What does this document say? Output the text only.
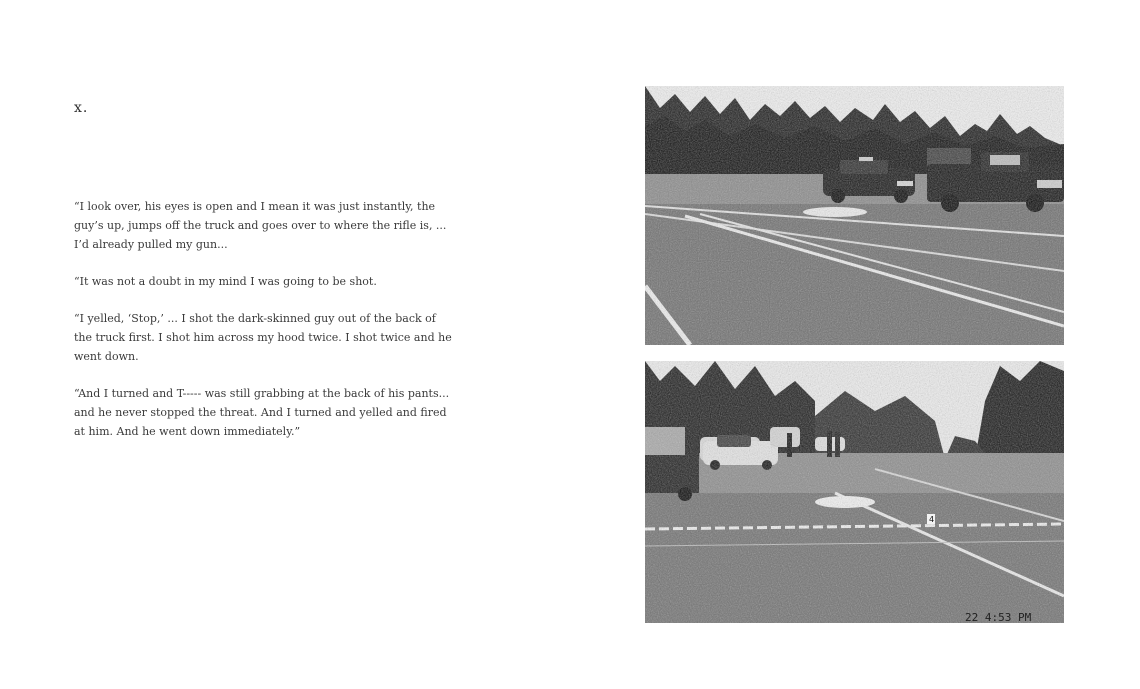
x.

“I look over, his eyes is open and I mean it was just instantly, the guy’s up, jumps off the truck and goes over to where the rifle is, ... I’d already pulled my gun...

“It was not a doubt in my mind I was going to be shot.

“I yelled, ‘Stop,’ ... I shot the dark-skinned guy out of the back of the truck first. I shot him across my hood twice. I shot twice and he went down.

“And I turned and T----- was still grabbing at the back of his pants... and he never stopped the threat. And I turned and yelled and fired at him. And he went down immediately.”

4
22 4:53 PM
